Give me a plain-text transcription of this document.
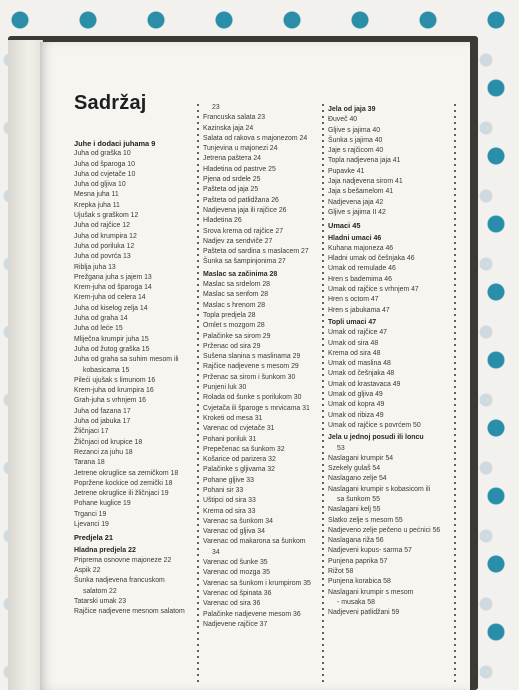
Sadržaj
Juhe i dodaci juhama 9
Juha od graška 10
Juha od šparoga 10
Juha od cvjetače 10
Juha od gljiva 10
Mesna juha 11
Krepka juha 11
Ujušak s graškom 12
Juha od rajčice 12
Juha od krumpira 12
Juha od poriluka 12
Juha od povrća 13
Riblja juha 13
Prežgana juha s jajem 13
Krem-juha od šparoga 14
Krem-juha od celera 14
Juha od kiselog zelja 14
Juha od graha 14
Juha od leće 15
Mliječna krumpir juha 15
Juha od žutog graška 15
Juha od graha sa suhim mesom ili
kobasicama 15
Pileći ujušak s limunom 16
Krem-juha od krumpira 16
Grah-juha s vrhnjem 16
Juha od fazana 17
Juha od jabuka 17
Žličnjaci 17
Žličnjaci od krupice 18
Rezanci za juhu 18
Tarana 18
Jetrene okruglice sa zemičkom 18
Poprženе kockice od zemički 18
Jetrene okruglice ili žličnjaci 19
Pohane kuglice 19
Trganci 19
Ljevanci 19
Predjela 21
Hladna predjela 22
Pripremа osnovne majoneze 22
Aspik 22
Šunka nadjevena francuskom
salatom 22
Tatarski umak 23
Rajčice nadjevene mesnom salatom
23
Francuska salata 23
Kazinska jaja 24
Salata od rakova s majonezom 24
Tunjevina u majonezi 24
Jetrena paštета 24
Hladetina od pastrve 25
Pjena od srdele 25
Pašteta od jaja 25
Pašteta od patlidžana 26
Nadjevena jaja ili rajčice 26
Hladetina 26
Srova krema od rajčice 27
Nadjev za sendviče 27
Pašteta od sardina s maslacem 27
Šunka sa šampinjonima 27
Maslac sa začinima 28
Maslac sa srdelom 28
Maslac sa senfom 28
Maslac s hrenom 28
Topla predjela 28
Omlet s mozgom 28
Palačinke sa sirom 29
Prženac od sira 29
Sušena slanina s maslinama 29
Rajčice nadjevene s mesom 29
Prženac sa sirom i šunkom 30
Punjeni luk 30
Rolada od šunke s porilukom 30
Cvjetača ili šparoge s mrvicama 31
Kroketi od mesa 31
Varenac od cvjetače 31
Pohani poriluk 31
Prepečenac sa šunkom 32
Košarice od parizera 32
Palačinke s gljivama 32
Pohane gljive 33
Pohani sir 33
Uštipci od sira 33
Krema od sira 33
Varenac sa šunkom 34
Varenac od gljiva 34
Varenac od makarona sa šunkom
34
Varenac od šunke 35
Varenac od mozga 35
Varenac sa šunkom i krumpirom 35
Varenac od špinata 36
Varenac od sira 36
Palačinke nadjevene mesom 36
Nadjevene rajčice 37
Jela od jaja 39
Đuveč 40
Gljive s jajima 40
Šunka s jajima 40
Jaje s rajčicom 40
Topla nadjevena jaja 41
Pupavke 41
Jaja nadjevena sirom 41
Jaja s bešamelom 41
Nadjevena jaja 42
Gljive s jajima II 42
Umaci 45
Hladni umaci 46
Kuhana majoneza 46
Hladni umak od češnjaka 46
Umak od remulade 46
Hren s bademima 46
Umak od rajčice s vrhnjem 47
Hren s octom 47
Hren s jabukama 47
Topli umaci 47
Umak od rajčice 47
Umak od sira 48
Krema od sira 48
Umak od maslina 48
Umak od češnjaka 48
Umak od krastavaca 49
Umak od gljiva 49
Umak od kopra 49
Umak od ribiza 49
Umak od rajčice s povrćem 50
Jela u jednoj posudi ili loncu
53
Naslagani krumpir 54
Szekely gulaš 54
Naslagano zelje 54
Naslagani krumpir s kobasicom ili
sa šunkom 55
Naslagani kelj 55
Slatko zelje s mesom 55
Nadjeveno zelje pečeno u pećnici 56
Naslagana riža 56
Nadjeveni kupus- sarma 57
Punjena paprika 57
Rižot 58
Punjena korabica 58
Naslagani krumpir s mesom
- musaka 58
Nadjeveni patlidžani 59
